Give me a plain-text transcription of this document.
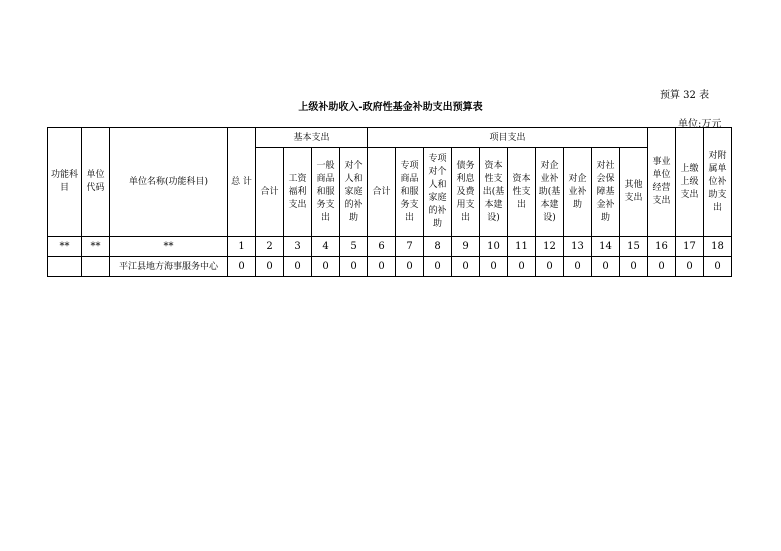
预算 32 表
上级补助收入-政府性基金补助支出预算表
单位:万元
功能科目	单位代码	单位名称(功能科目)	总 计	基本支出				项目支出										事业单位经营支出	上缴上级支出	对附属单位补助支出
				合计	工资福利支出	一般商品和服务支出	对个人和家庭的补助	合计	专项商品和服务支出	专项对个人和家庭的补助	债务利息及费用支出	资本性支出(基本建设)	资本性支出	对企业补助(基本建设)	对企业补助	对社会保障基金补助	其他支出			
**	**	**	1	2	3	4	5	6	7	8	9	10	11	12	13	14	15	16	17	18
		平江县地方海事服务中心	0	0	0	0	0	0	0	0	0	0	0	0	0	0	0	0	0	0
